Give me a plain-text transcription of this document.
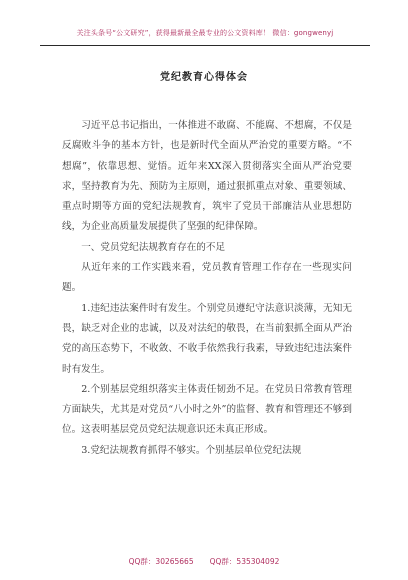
关注头条号“公文研究”，获得最新最全最专业的公文资料库！ 微信：gongwenyj
党纪教育心得体会

习近平总书记指出，一体推进不敢腐、不能腐、不想腐，不仅是反腐败斗争的基本方针，也是新时代全面从严治党的重要方略。“不想腐”，依靠思想、觉悟。近年来XX深入贯彻落实全面从严治党要求，坚持教育为先、预防为主原则，通过狠抓重点对象、重要领域、重点时期等方面的党纪法规教育，筑牢了党员干部廉洁从业思想防线，为企业高质量发展提供了坚强的纪律保障。

一、党员党纪法规教育存在的不足

从近年来的工作实践来看，党员教育管理工作存在一些现实问题。

1.违纪违法案件时有发生。个别党员遵纪守法意识淡薄，无知无畏，缺乏对企业的忠诚，以及对法纪的敬畏，在当前狠抓全面从严治党的高压态势下，不收敛、不收手依然我行我素，导致违纪违法案件时有发生。

2.个别基层党组织落实主体责任韧劲不足。在党员日常教育管理方面缺失，尤其是对党员“八小时之外”的监督、教育和管理还不够到位。这表明基层党员党纪法规意识还未真正形成。

3.党纪法规教育抓得不够实。个别基层单位党纪法规

QQ群：30265665 QQ群：535304092
